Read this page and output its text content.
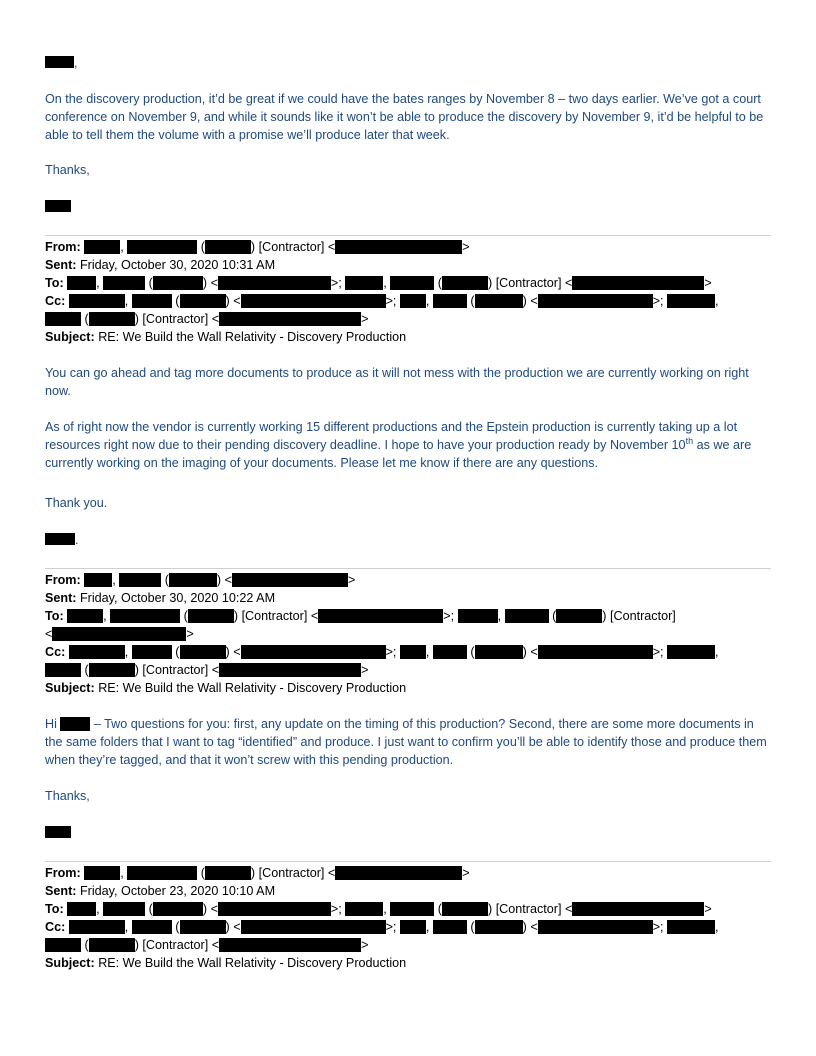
,

On the discovery production, it’d be great if we could have the bates ranges by November 8 – two days earlier. We’ve got a court conference on November 9, and while it sounds like it won’t be able to produce the discovery by November 9, it’d be helpful to be able to tell them the volume with a promise we’ll produce later that week.

Thanks,

From:	,	(	) [Contractor] <	>
Sent: Friday, October 30, 2020 10:31 AM
To:	,	(	) <	>;	,	(	) [Contractor] <	>
Cc:	,	(	) <	>; ,	(	) <	>;	,
(	) [Contractor] <	>
Subject: RE: We Build the Wall Relativity - Discovery Production

You can go ahead and tag more documents to produce as it will not mess with the production we are currently working on right now.

As of right now the vendor is currently working 15 different productions and the Epstein production is currently taking up a lot resources right now due to their pending discovery deadline. I hope to have your production ready by November 10th as we are currently working on the imaging of your documents. Please let me know if there are any questions.

Thank you.

.
From:	,	(	) <	>
Sent: Friday, October 30, 2020 10:22 AM
To:	,	(	) [Contractor] <	>;	,	(	) [Contractor]
<	>
Cc:	,	(	) <	>; ,	(	) <	>;	,
(	) [Contractor] <	>
Subject: RE: We Build the Wall Relativity - Discovery Production

Hi	– Two questions for you: first, any update on the timing of this production? Second, there are some more documents in the same folders that I want to tag “identified” and produce. I just want to confirm you’ll be able to identify those and produce them when they’re tagged, and that it won’t screw with this pending production.

Thanks,

From:	,	(	) [Contractor] <	>
Sent: Friday, October 23, 2020 10:10 AM
To:	,	(	) <	>;	,	(	) [Contractor] <	>
Cc:	,	(	) <	>; ,	(	) <	>;	,
(	) [Contractor] <	>
Subject: RE: We Build the Wall Relativity - Discovery Production
